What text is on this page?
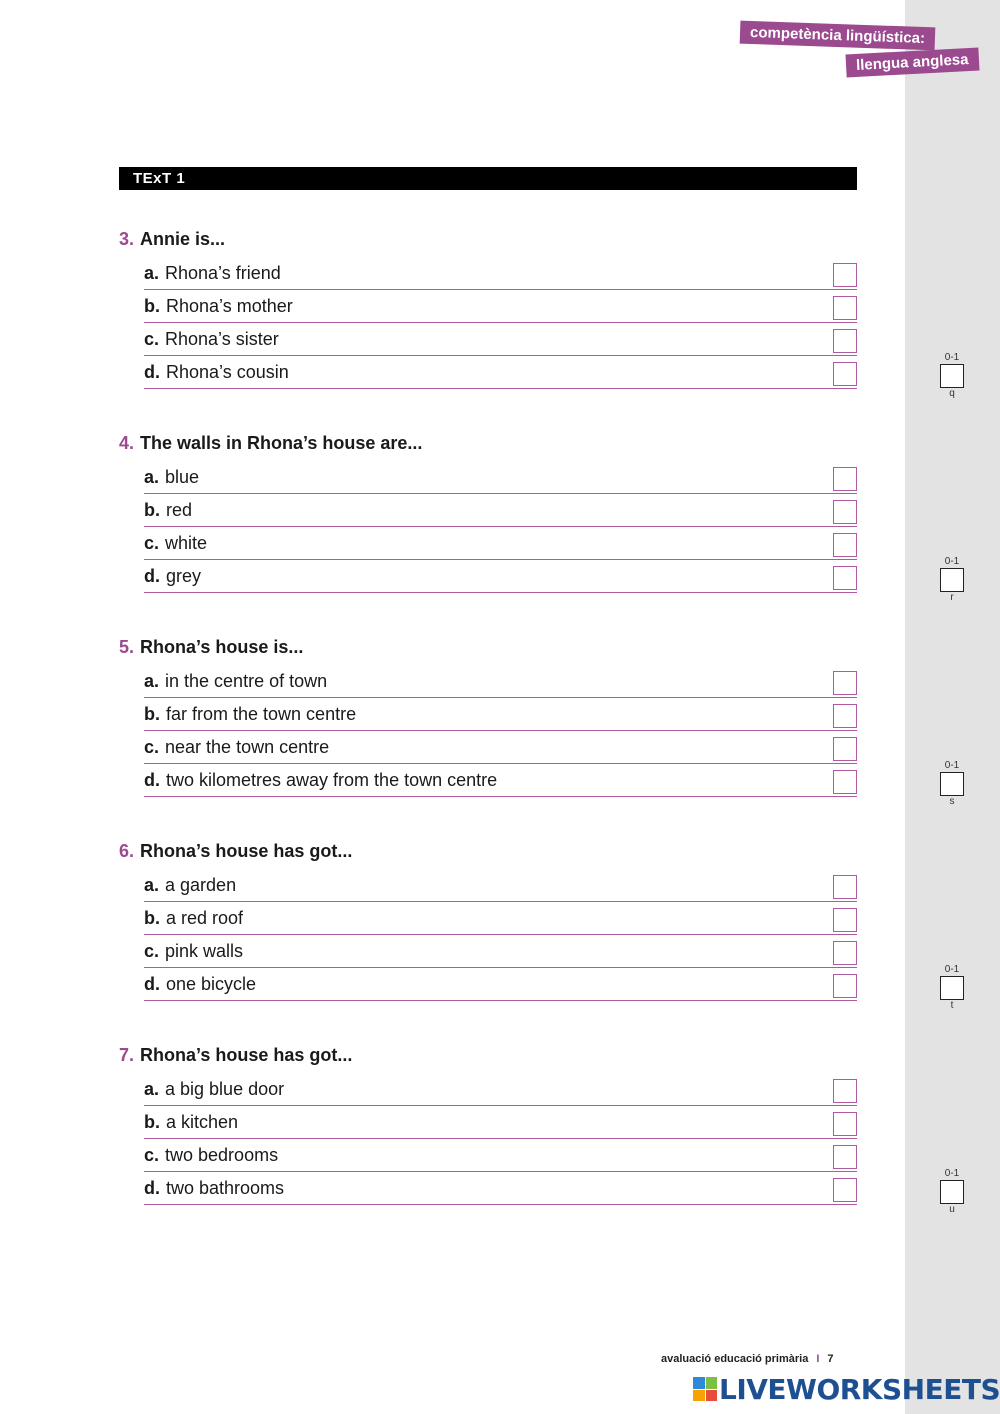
competència lingüística:
llengua anglesa
TExT 1
3. Annie is...
a. Rhona’s friend
b. Rhona’s mother
c. Rhona’s sister
d. Rhona’s cousin
4. The walls in Rhona’s house are...
a. blue
b. red
c. white
d. grey
5. Rhona’s house is...
a. in the centre of town
b. far from the town centre
c. near the town centre
d. two kilometres away from the town centre
6. Rhona’s house has got...
a. a garden
b. a red roof
c. pink walls
d. one bicycle
7. Rhona’s house has got...
a. a big blue door
b. a kitchen
c. two bedrooms
d. two bathrooms
0-1
q
0-1
r
0-1
s
0-1
t
0-1
u
avaluació educació primària I 7
LIVEWORKSHEETS
